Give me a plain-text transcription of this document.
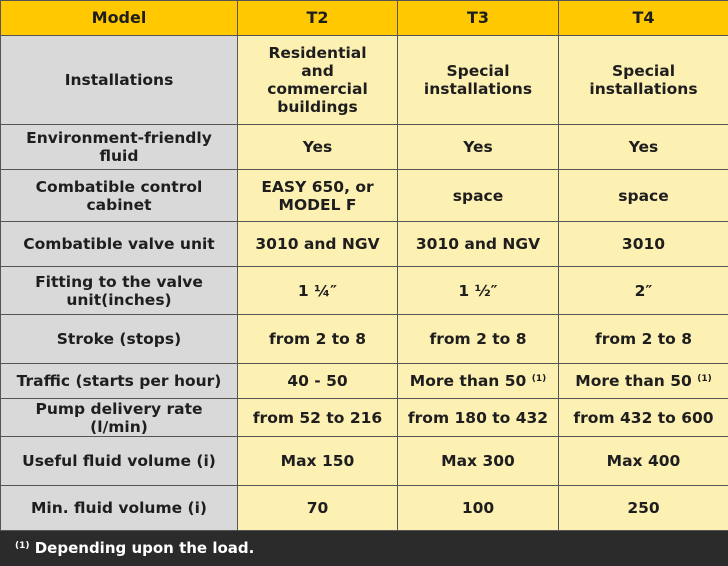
Model	T2	T3	T4
Installations	Residential and commercial buildings	Special installations	Special installations
Environment-friendly fluid	Yes	Yes	Yes
Combatible control cabinet	EASY 650, or MODEL F	space	space
Combatible valve unit	3010 and NGV	3010 and NGV	3010
Fitting to the valve unit(inches)	1 ¼″	1 ½″	2″
Stroke (stops)	from 2 to 8	from 2 to 8	from 2 to 8
Traffic (starts per hour)	40 - 50	More than 50 $^{(1)}$	More than 50 $^{(1)}$
Pump delivery rate (l/min)	from 52 to 216	from 180 to 432	from 432 to 600
Useful fluid volume (i)	Max 150	Max 300	Max 400
Min. fluid volume (i)	70	100	250
$^{(1)}$ Depending upon the load.
